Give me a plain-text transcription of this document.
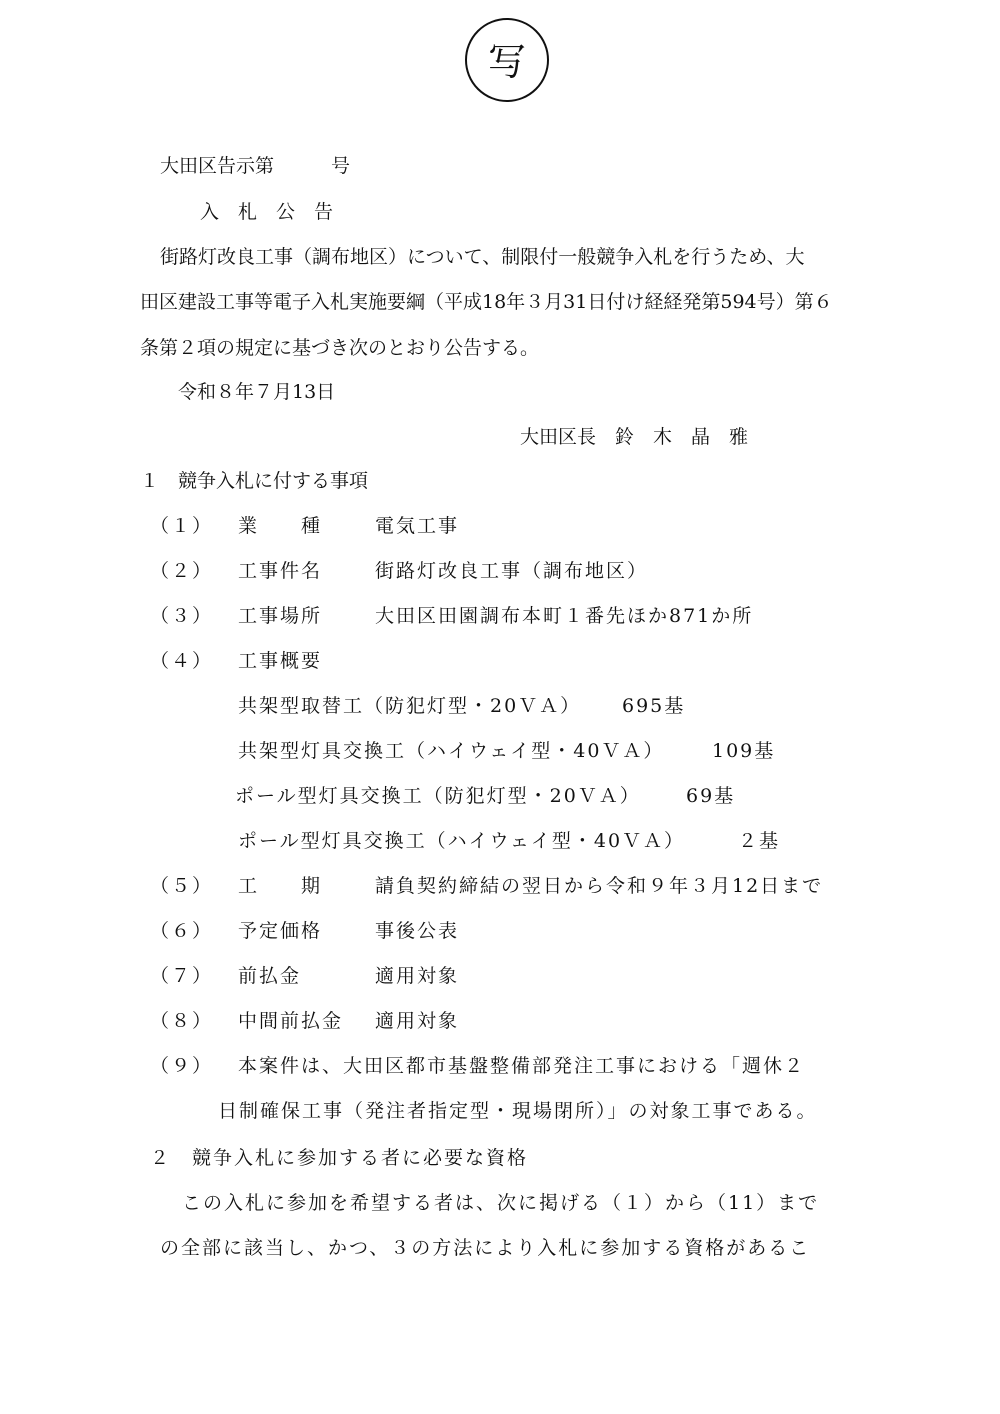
写
大田区告示第　　　号
入　札　公　告
街路灯改良工事（調布地区）について、制限付一般競争入札を行うため、大
田区建設工事等電子入札実施要綱（平成18年３月31日付け経経発第594号）第６
条第２項の規定に基づき次のとおり公告する。
令和８年７月13日
大田区長　鈴　木　晶　雅
１　競争入札に付する事項
（１） 業　　種	電気工事
（２） 工事件名	街路灯改良工事（調布地区）
（３） 工事場所	大田区田園調布本町１番先ほか871か所
（４） 工事概要
共架型取替工（防犯灯型・20ＶＡ） 695基
共架型灯具交換工（ハイウェイ型・40ＶＡ）	109基
ポール型灯具交換工（防犯灯型・20ＶＡ） 69基
ポール型灯具交換工（ハイウェイ型・40ＶＡ）	２基
（５） 工　　期	請負契約締結の翌日から令和９年３月12日まで
（６） 予定価格	事後公表
（７） 前払金	適用対象
（８） 中間前払金 適用対象
（９） 本案件は、大田区都市基盤整備部発注工事における「週休２
日制確保工事（発注者指定型・現場閉所）」の対象工事である。
２　競争入札に参加する者に必要な資格
この入札に参加を希望する者は、次に掲げる（１）から（11）まで
の全部に該当し、かつ、３の方法により入札に参加する資格があるこ
